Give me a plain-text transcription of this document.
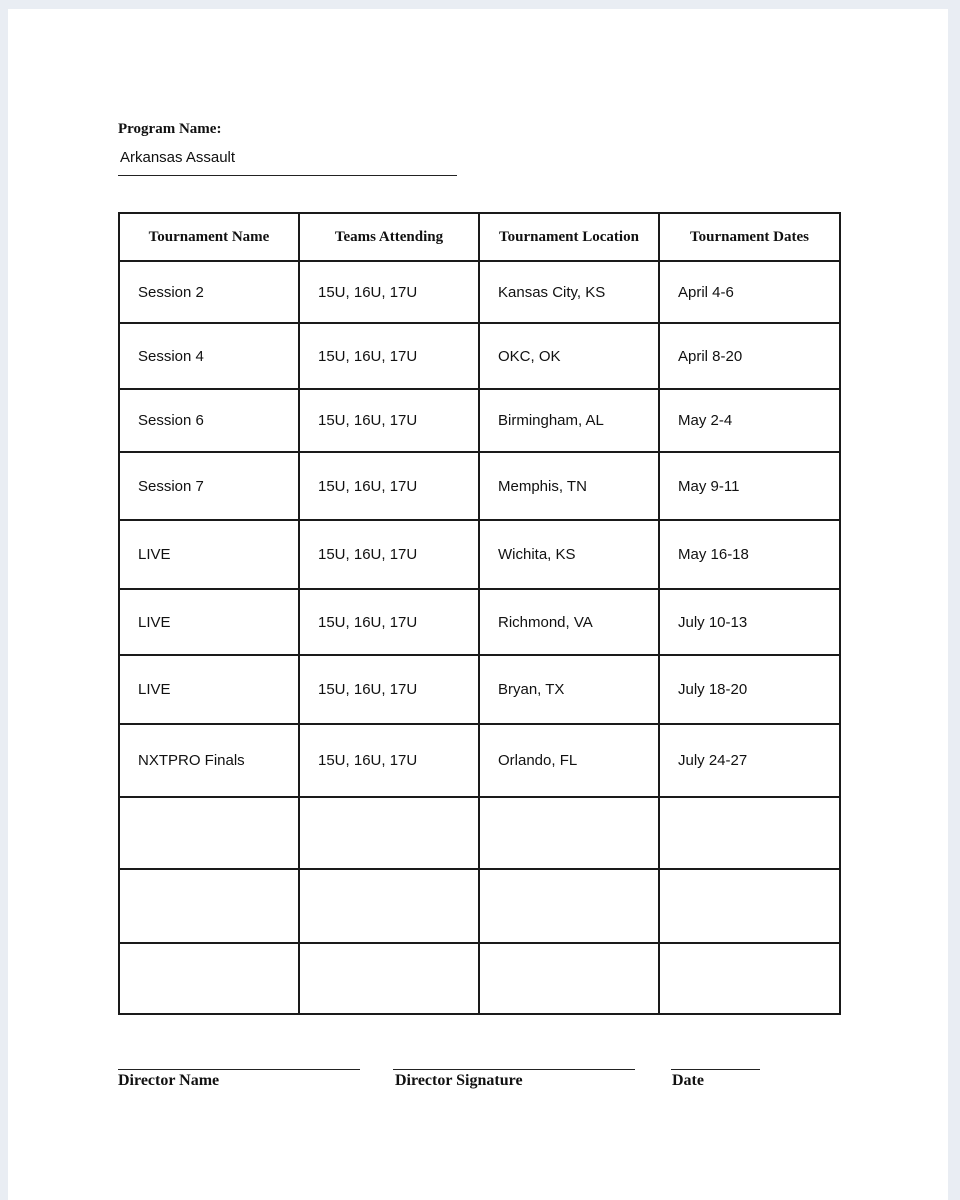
Program Name:
Arkansas Assault
Tournament Name	Teams Attending	Tournament Location	Tournament Dates
Session 2	15U, 16U, 17U	Kansas City, KS	April 4-6
Session 4	15U, 16U, 17U	OKC, OK	April 8-20
Session 6	15U, 16U, 17U	Birmingham, AL	May 2-4
Session 7	15U, 16U, 17U	Memphis, TN	May 9-11
LIVE	15U, 16U, 17U	Wichita, KS	May 16-18
LIVE	15U, 16U, 17U	Richmond, VA	July 10-13
LIVE	15U, 16U, 17U	Bryan, TX	July 18-20
NXTPRO Finals	15U, 16U, 17U	Orlando, FL	July 24-27

Director Name	Director Signature	Date
